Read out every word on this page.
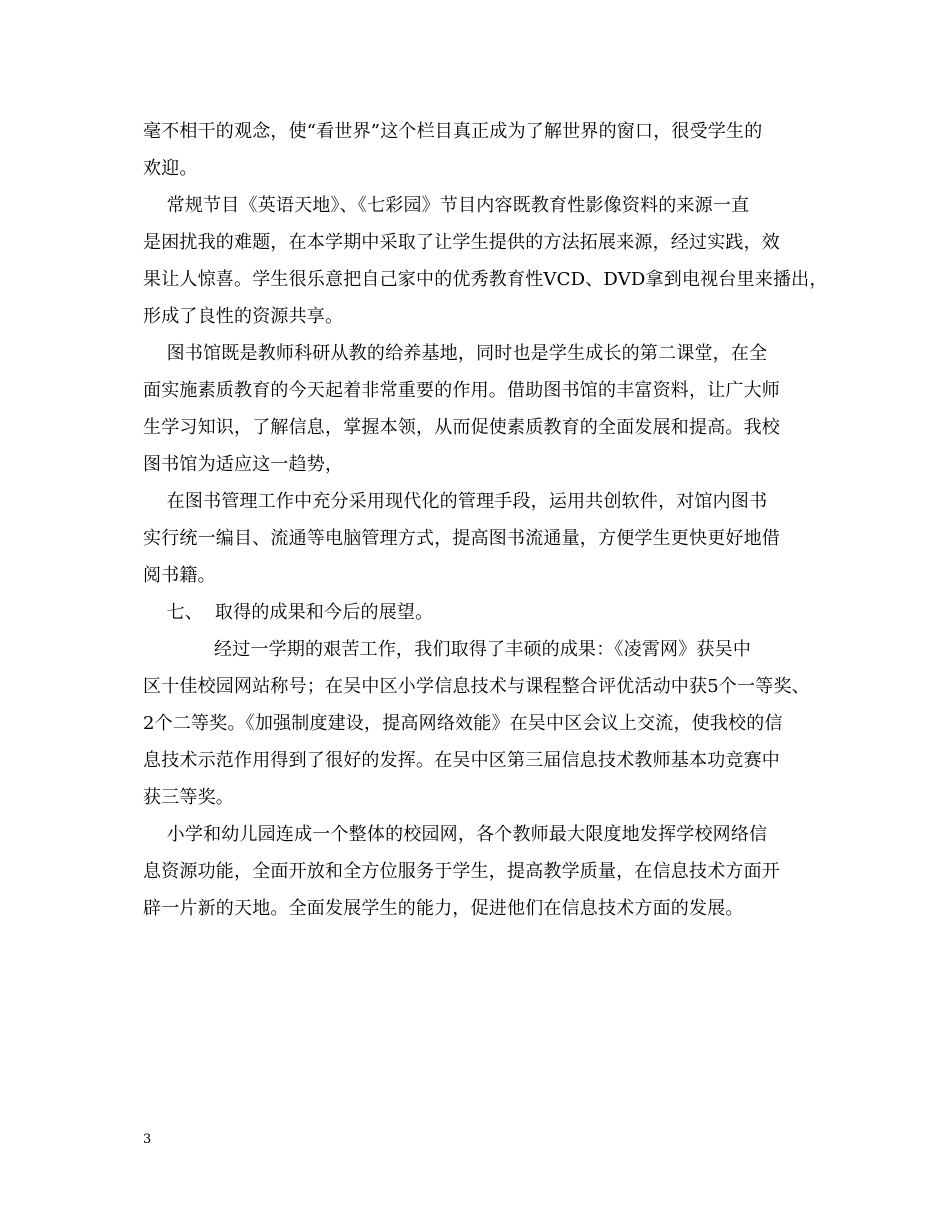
毫不相干的观念，使“看世界”这个栏目真正成为了解世界的窗口，很受学生的
欢迎。
常规节目《英语天地》、《七彩园》节目内容既教育性影像资料的来源一直
是困扰我的难题，在本学期中采取了让学生提供的方法拓展来源，经过实践，效
果让人惊喜。学生很乐意把自己家中的优秀教育性VCD、DVD拿到电视台里来播出，
形成了良性的资源共享。
图书馆既是教师科研从教的给养基地，同时也是学生成长的第二课堂，在全
面实施素质教育的今天起着非常重要的作用。借助图书馆的丰富资料，让广大师
生学习知识，了解信息，掌握本领，从而促使素质教育的全面发展和提高。我校
图书馆为适应这一趋势，
在图书管理工作中充分采用现代化的管理手段，运用共创软件，对馆内图书
实行统一编目、流通等电脑管理方式，提高图书流通量，方便学生更快更好地借
阅书籍。
七、  取得的成果和今后的展望。
经过一学期的艰苦工作，我们取得了丰硕的成果：《凌霄网》获吴中
区十佳校园网站称号；在吴中区小学信息技术与课程整合评优活动中获5个一等奖、
2个二等奖。《加强制度建设，提高网络效能》在吴中区会议上交流，使我校的信
息技术示范作用得到了很好的发挥。在吴中区第三届信息技术教师基本功竞赛中
获三等奖。
小学和幼儿园连成一个整体的校园网，各个教师最大限度地发挥学校网络信
息资源功能，全面开放和全方位服务于学生，提高教学质量，在信息技术方面开
辟一片新的天地。全面发展学生的能力，促进他们在信息技术方面的发展。
3
